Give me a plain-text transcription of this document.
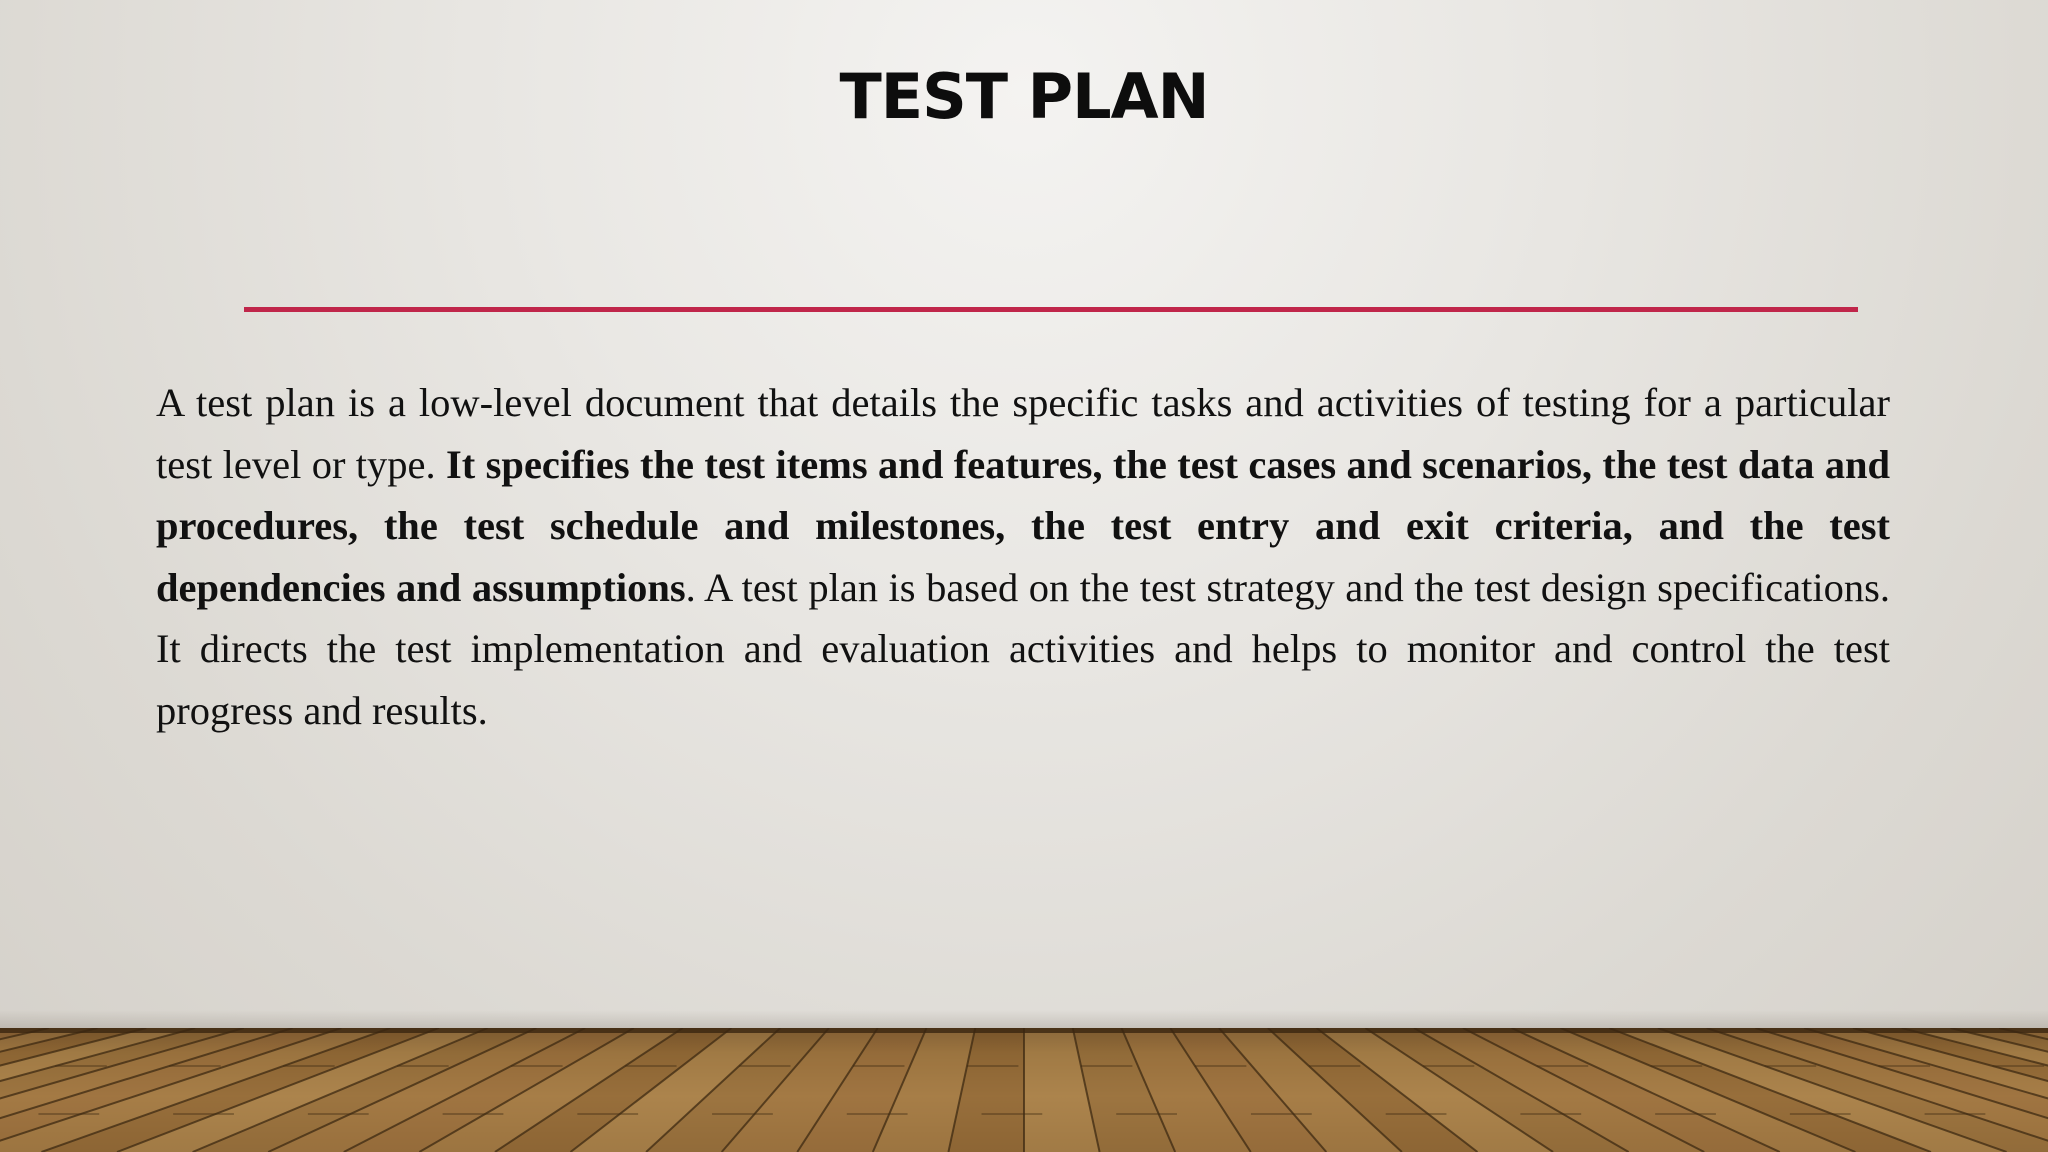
TEST PLAN
A test plan is a low-level document that details the specific tasks and activities of testing for a particular test level or type. It specifies the test items and features, the test cases and scenarios, the test data and procedures, the test schedule and milestones, the test entry and exit criteria, and the test dependencies and assumptions. A test plan is based on the test strategy and the test design specifications. It directs the test implementation and evaluation activities and helps to monitor and control the test progress and results.
